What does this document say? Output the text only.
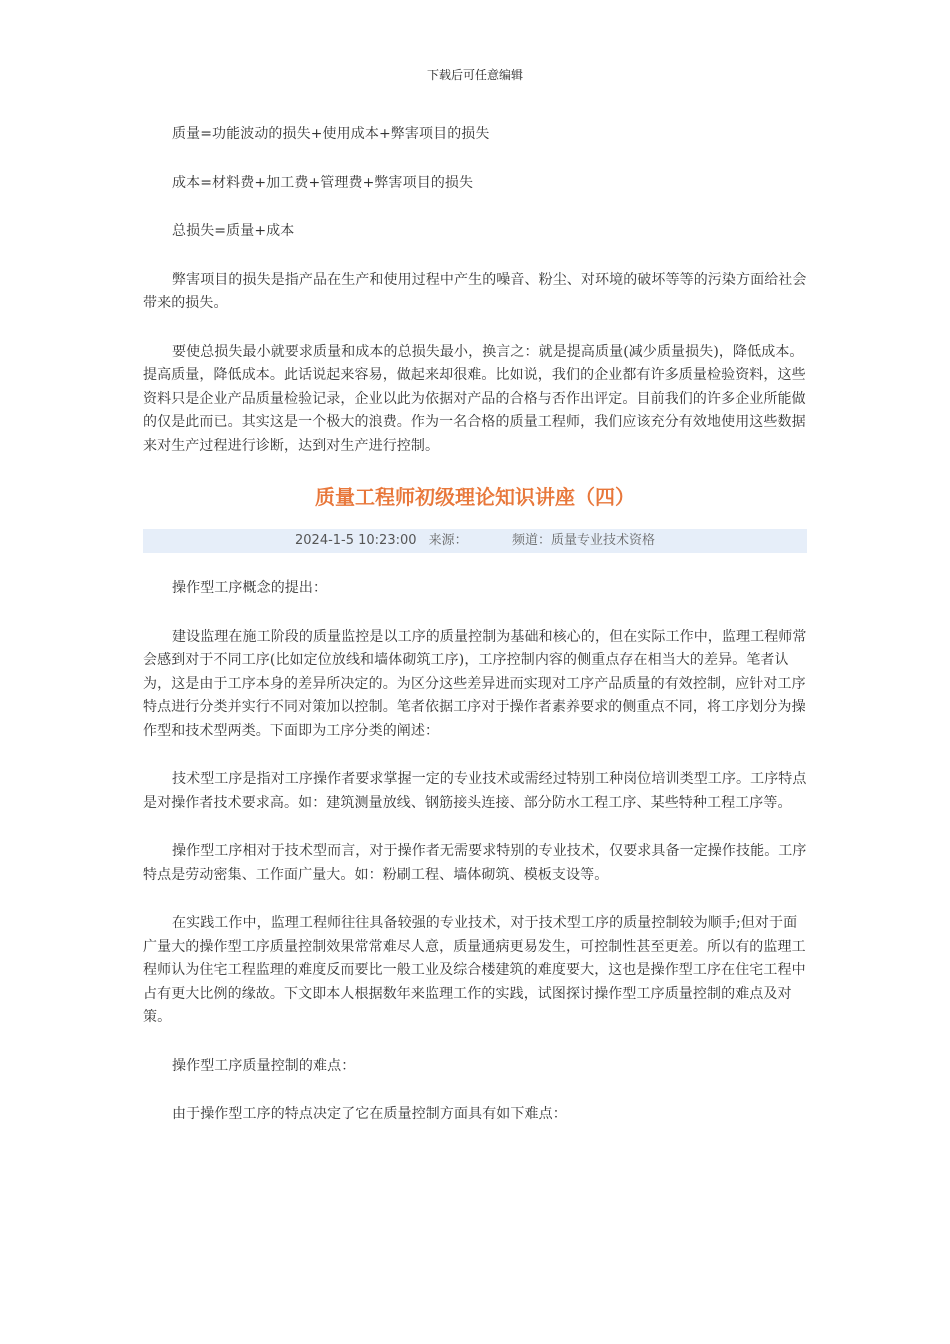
下载后可任意编辑

质量=功能波动的损失+使用成本+弊害项目的损失

成本=材料费+加工费+管理费+弊害项目的损失

总损失=质量+成本

弊害项目的损失是指产品在生产和使用过程中产生的噪音、粉尘、对环境的破坏等等的污染方面给社会带来的损失。

要使总损失最小就要求质量和成本的总损失最小，换言之：就是提高质量(减少质量损失)，降低成本。提高质量，降低成本。此话说起来容易，做起来却很难。比如说，我们的企业都有许多质量检验资料，这些资料只是企业产品质量检验记录，企业以此为依据对产品的合格与否作出评定。目前我们的许多企业所能做的仅是此而已。其实这是一个极大的浪费。作为一名合格的质量工程师，我们应该充分有效地使用这些数据来对生产过程进行诊断，达到对生产进行控制。

质量工程师初级理论知识讲座（四）
2024-1-5 10:23:00 来源：	频道：质量专业技术资格

操作型工序概念的提出：

建设监理在施工阶段的质量监控是以工序的质量控制为基础和核心的，但在实际工作中，监理工程师常会感到对于不同工序(比如定位放线和墙体砌筑工序)，工序控制内容的侧重点存在相当大的差异。笔者认为，这是由于工序本身的差异所决定的。为区分这些差异进而实现对工序产品质量的有效控制，应针对工序特点进行分类并实行不同对策加以控制。笔者依据工序对于操作者素养要求的侧重点不同，将工序划分为操作型和技术型两类。下面即为工序分类的阐述：

技术型工序是指对工序操作者要求掌握一定的专业技术或需经过特别工种岗位培训类型工序。工序特点是对操作者技术要求高。如：建筑测量放线、钢筋接头连接、部分防水工程工序、某些特种工程工序等。

操作型工序相对于技术型而言，对于操作者无需要求特别的专业技术，仅要求具备一定操作技能。工序特点是劳动密集、工作面广量大。如：粉刷工程、墙体砌筑、模板支设等。

在实践工作中，监理工程师往往具备较强的专业技术，对于技术型工序的质量控制较为顺手;但对于面广量大的操作型工序质量控制效果常常难尽人意，质量通病更易发生，可控制性甚至更差。所以有的监理工程师认为住宅工程监理的难度反而要比一般工业及综合楼建筑的难度要大，这也是操作型工序在住宅工程中占有更大比例的缘故。下文即本人根据数年来监理工作的实践，试图探讨操作型工序质量控制的难点及对策。

操作型工序质量控制的难点：

由于操作型工序的特点决定了它在质量控制方面具有如下难点：
